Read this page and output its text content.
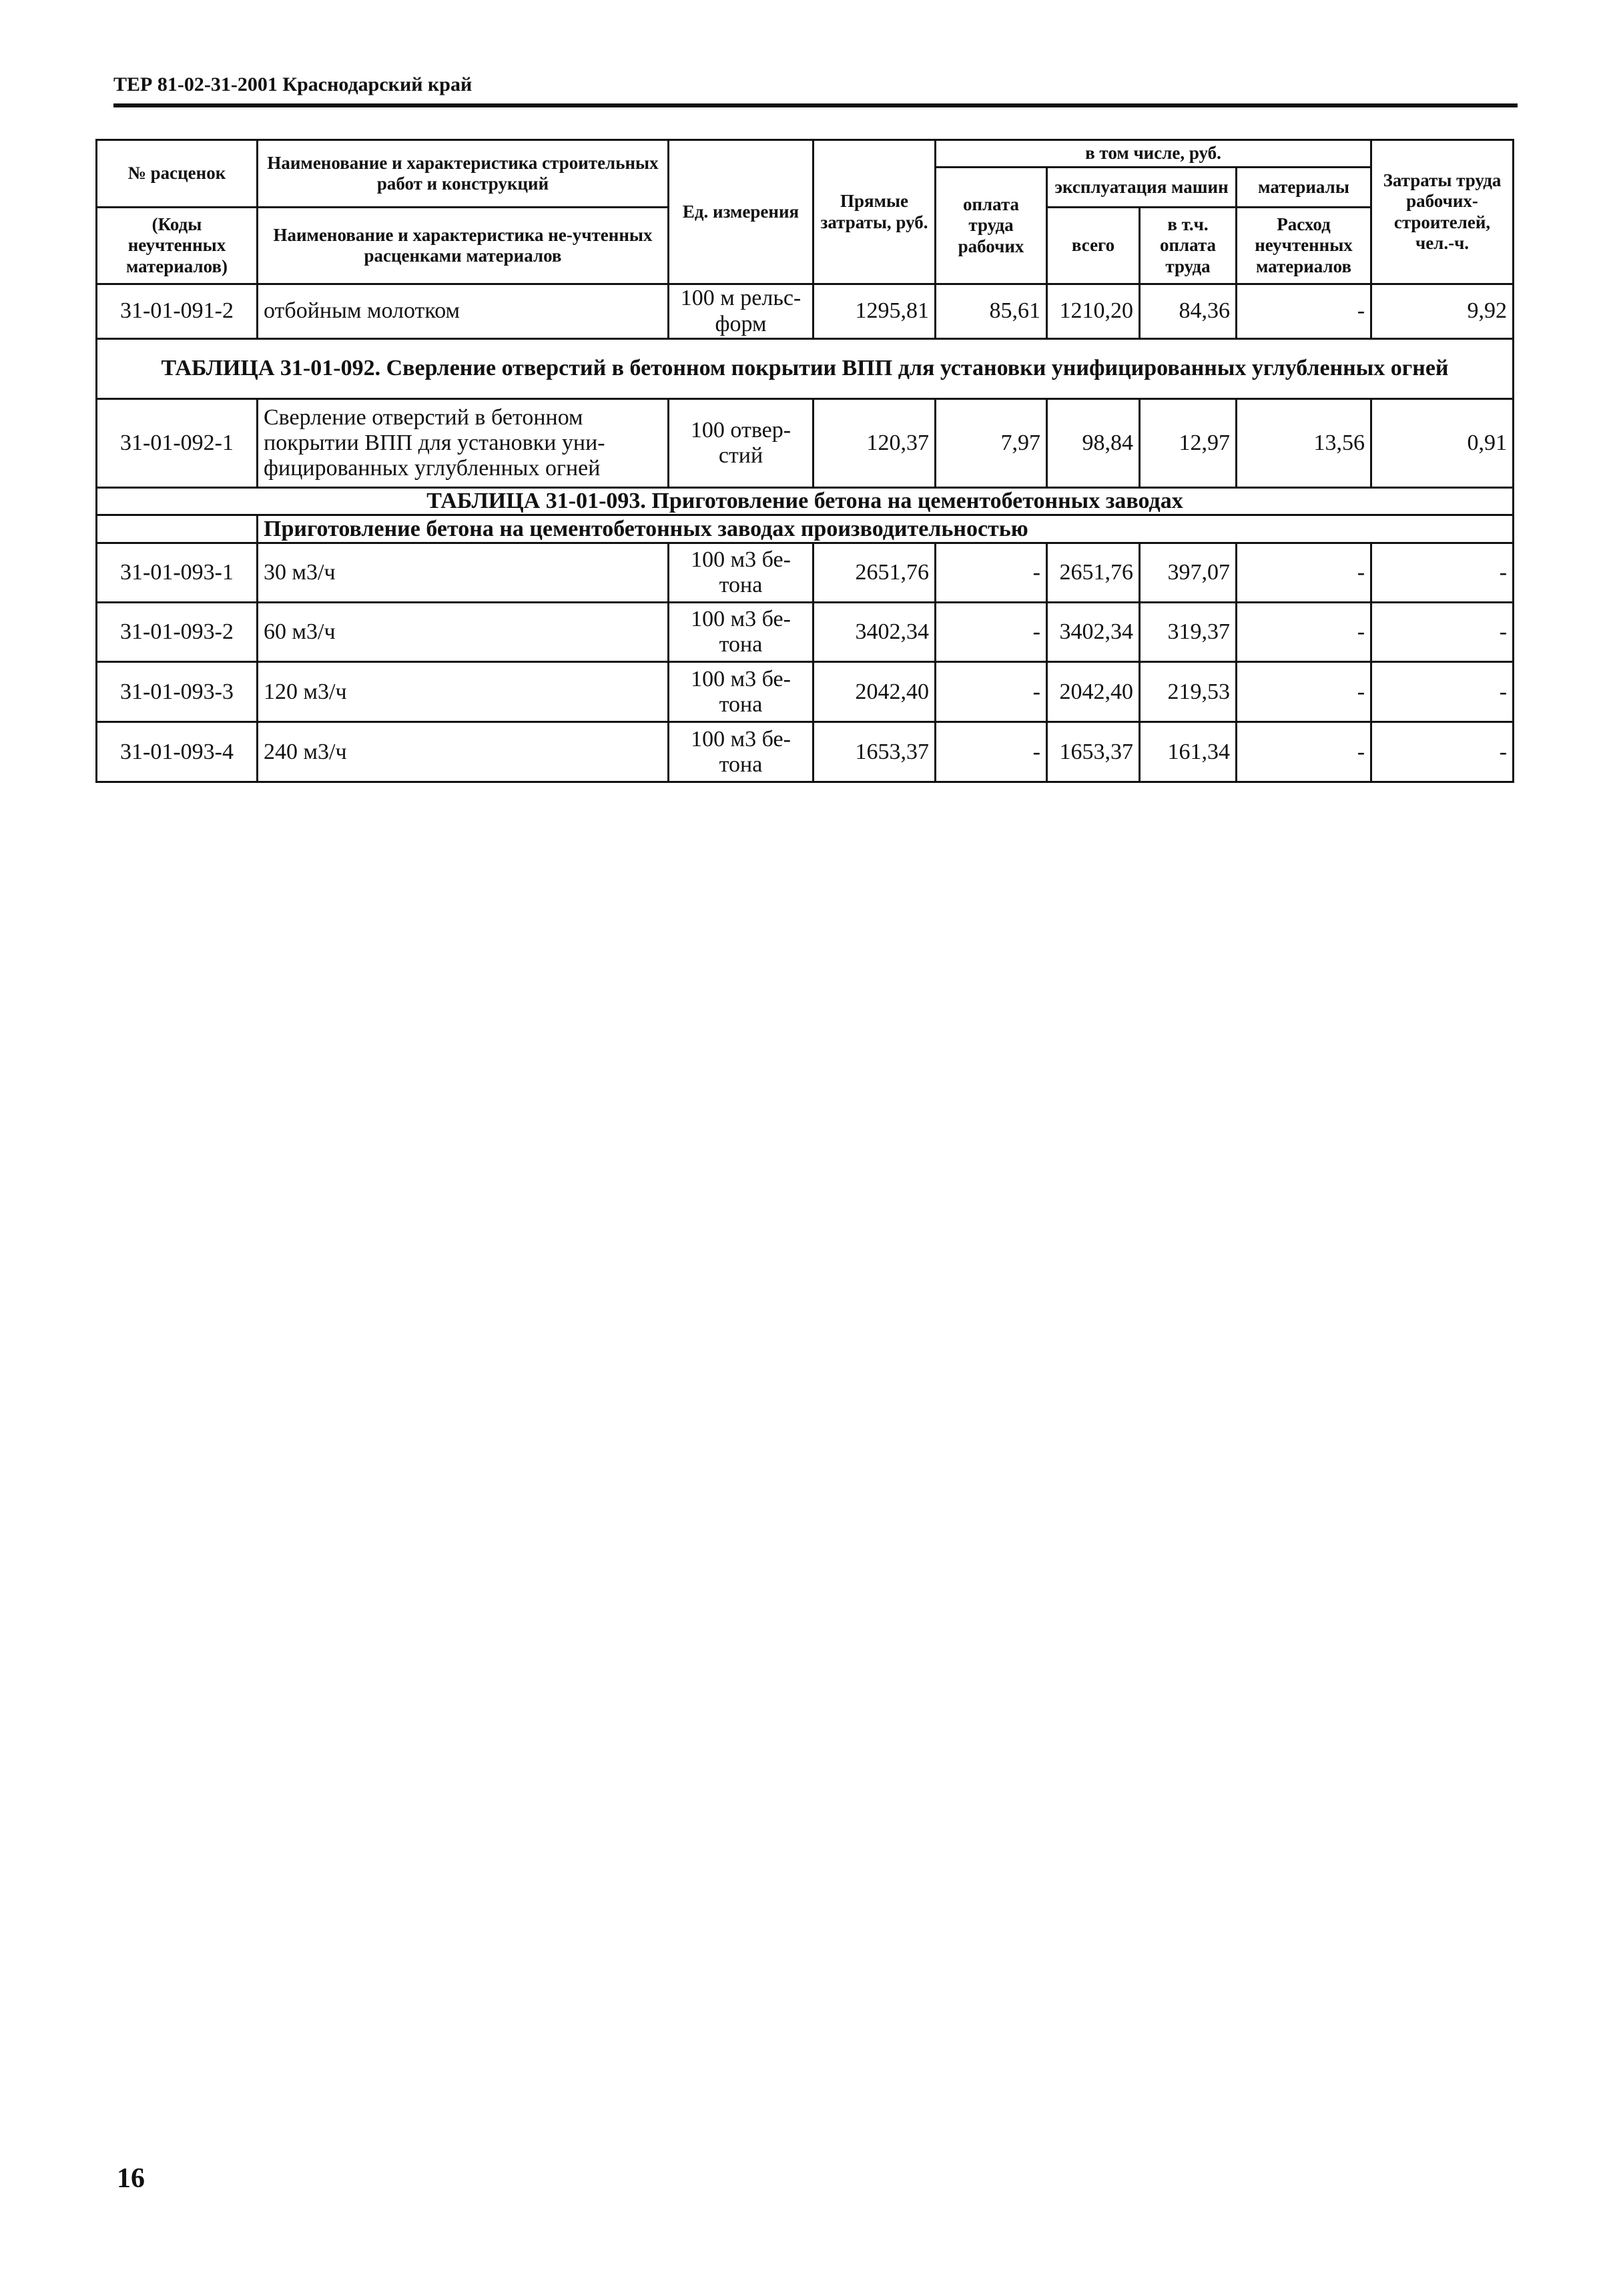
ТЕР 81-02-31-2001 Краснодарский край
№ расценок	Наименование и характеристика строительных работ и конструкций	Ед. измерения	Прямые затраты, руб.	в том числе, руб.				Затраты труда рабочих-строителей, чел.-ч.
				оплата труда рабочих	эксплуатация машин		материалы	

(Коды неучтенных материалов)	Наименование и характеристика не-учтенных расценками материалов				всего	в т.ч. оплата труда	Расход неучтенных материалов	

31-01-091-2	отбойным молотком	100 м рельс-форм	1295,81	85,61	1210,20	84,36	-	9,92
ТАБЛИЦА 31-01-092. Сверление отверстий в бетонном покрытии ВПП для установки унифицированных углубленных огней								
31-01-092-1	Сверление отверстий в бетонном покрытии ВПП для установки уни-фицированных углубленных огней	100 отвер-стий	120,37	7,97	98,84	12,97	13,56	0,91
ТАБЛИЦА 31-01-093. Приготовление бетона на цементобетонных заводах								
	Приготовление бетона на цементобетонных заводах производительностью							
31-01-093-1	30 м3/ч	100 м3 бе-тона	2651,76	-	2651,76	397,07	-	-
31-01-093-2	60 м3/ч	100 м3 бе-тона	3402,34	-	3402,34	319,37	-	-
31-01-093-3	120 м3/ч	100 м3 бе-тона	2042,40	-	2042,40	219,53	-	-
31-01-093-4	240 м3/ч	100 м3 бе-тона	1653,37	-	1653,37	161,34	-	-
16
